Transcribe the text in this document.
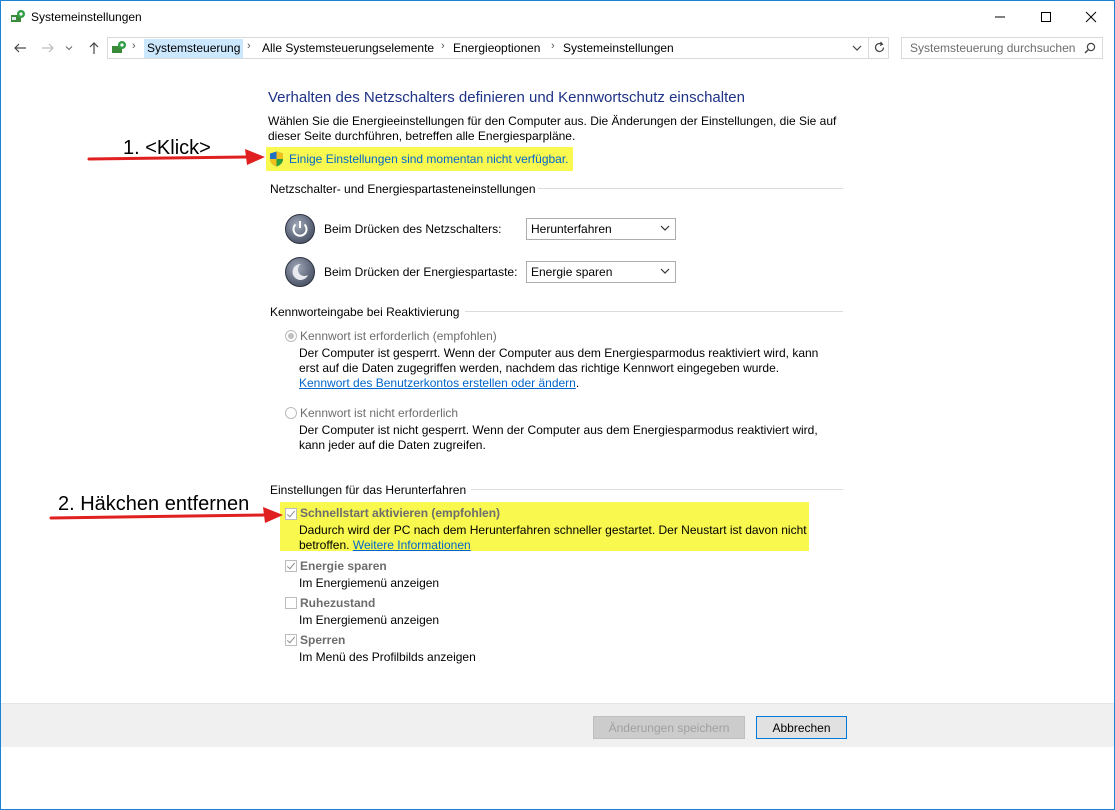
Systemeinstellungen
› Systemsteuerung › Alle Systemsteuerungselemente › Energieoptionen › Systemeinstellungen	Systemsteuerung durchsuchen
Verhalten des Netzschalters definieren und Kennwortschutz einschalten
Wählen Sie die Energieeinstellungen für den Computer aus. Die Änderungen der Einstellungen, die Sie auf dieser Seite durchführen, betreffen alle Energiesparpläne.
Einige Einstellungen sind momentan nicht verfügbar.
Netzschalter- und Energiespartasteneinstellungen
Beim Drücken des Netzschalters: Herunterfahren
Beim Drücken der Energiespartaste: Energie sparen
Kennworteingabe bei Reaktivierung
Kennwort ist erforderlich (empfohlen)
Der Computer ist gesperrt. Wenn der Computer aus dem Energiesparmodus reaktiviert wird, kann erst auf die Daten zugegriffen werden, nachdem das richtige Kennwort eingegeben wurde.
Kennwort des Benutzerkontos erstellen oder ändern.
Kennwort ist nicht erforderlich
Der Computer ist nicht gesperrt. Wenn der Computer aus dem Energiesparmodus reaktiviert wird, kann jeder auf die Daten zugreifen.
Einstellungen für das Herunterfahren
Schnellstart aktivieren (empfohlen)
Dadurch wird der PC nach dem Herunterfahren schneller gestartet. Der Neustart ist davon nicht betroffen. Weitere Informationen
Energie sparen
Im Energiemenü anzeigen
Ruhezustand
Im Energiemenü anzeigen
Sperren
Im Menü des Profilbilds anzeigen
1. <Klick>
2. Häkchen entfernen
Änderungen speichern	Abbrechen
